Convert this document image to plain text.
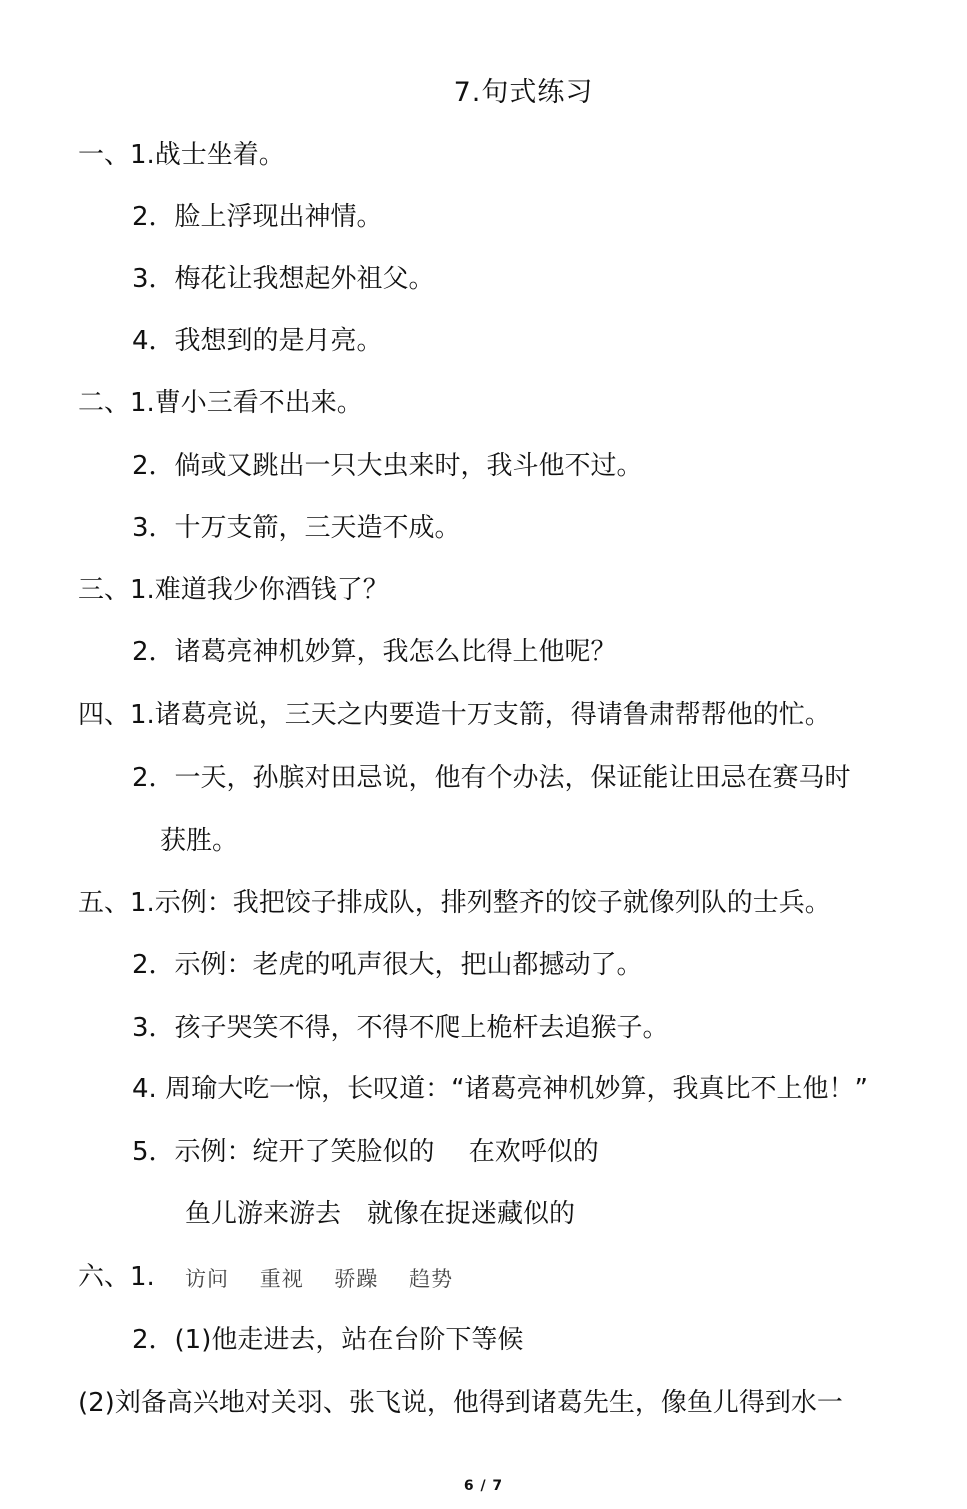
7.句式练习
一、1.战士坐着。
2．脸上浮现出神情。
3．梅花让我想起外祖父。
4．我想到的是月亮。
二、1.曹小三看不出来。
2．倘或又跳出一只大虫来时，我斗他不过。
3．十万支箭，三天造不成。
三、1.难道我少你酒钱了？
2．诸葛亮神机妙算，我怎么比得上他呢？
四、1.诸葛亮说，三天之内要造十万支箭，得请鲁肃帮帮他的忙。
2．一天，孙膑对田忌说，他有个办法，保证能让田忌在赛马时
获胜。
五、1.示例：我把饺子排成队，排列整齐的饺子就像列队的士兵。
2．示例：老虎的吼声很大，把山都撼动了。
3．孩子哭笑不得，不得不爬上桅杆去追猴子。
4. 周瑜大吃一惊，长叹道：“诸葛亮神机妙算，我真比不上他！”
5．示例：绽开了笑脸似的　 在欢呼似的
鱼儿游来游去　就像在捉迷藏似的
六、1. 访问 重视 骄躁 趋势
2．(1)他走进去，站在台阶下等候
(2)刘备高兴地对关羽、张飞说，他得到诸葛先生，像鱼儿得到水一
6 / 7
